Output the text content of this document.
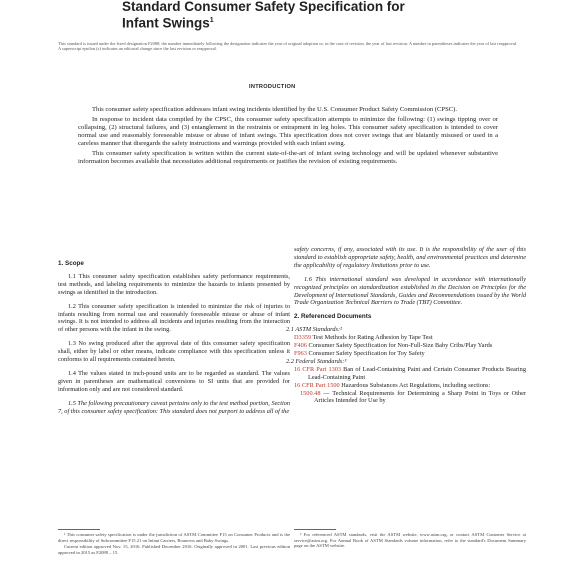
Standard Consumer Safety Specification for
Infant Swings$^1$
This standard is issued under the fixed designation F2088; the number immediately following the designation indicates the year of original adoption or, in the case of revision, the year of last revision. A number in parentheses indicates the year of last reapproval. A superscript epsilon (ε) indicates an editorial change since the last revision or reapproval.
INTRODUCTION

This consumer safety specification addresses infant swing incidents identified by the U.S. Consumer Product Safety Commission (CPSC).

In response to incident data compiled by the CPSC, this consumer safety specification attempts to minimize the following: (1) swings tipping over or collapsing, (2) structural failures, and (3) entanglement in the restraints or entrapment in leg holes. This consumer safety specification is intended to cover normal use and reasonably foreseeable misuse or abuse of infant swings. This specification does not cover swings that are blatantly misused or used in a careless manner that disregards the safety instructions and warnings provided with each infant swing.

This consumer safety specification is written within the current state-of-the-art of infant swing technology and will be updated whenever substantive information becomes available that necessitates additional requirements or justifies the revision of existing requirements.

1. Scope

1.1 This consumer safety specification establishes safety performance requirements, test methods, and labeling requirements to minimize the hazards to infants presented by swings as identified in the introduction.

1.2 This consumer safety specification is intended to minimize the risk of injuries to infants resulting from normal use and reasonably foreseeable misuse or abuse of infant swings. It is not intended to address all incidents and injuries resulting from the interaction of other persons with the infant in the swing.

1.3 No swing produced after the approval date of this consumer safety specification shall, either by label or other means, indicate compliance with this specification unless it conforms to all requirements contained herein.

1.4 The values stated in inch-pound units are to be regarded as standard. The values given in parentheses are mathematical conversions to SI units that are provided for information only and are not considered standard.

1.5 The following precautionary caveat pertains only to the test method portion, Section 7, of this consumer safety specification: This standard does not purport to address all of the

safety concerns, if any, associated with its use. It is the responsibility of the user of this standard to establish appropriate safety, health, and environmental practices and determine the applicability of regulatory limitations prior to use.

1.6 This international standard was developed in accordance with internationally recognized principles on standardization established in the Decision on Principles for the Development of International Standards, Guides and Recommendations issued by the World Trade Organization Technical Barriers to Trade (TBT) Committee.

2. Referenced Documents

2.1 ASTM Standards:²
D3359 Test Methods for Rating Adhesion by Tape Test
F406 Consumer Safety Specification for Non-Full-Size Baby Cribs/Play Yards
F963 Consumer Safety Specification for Toy Safety
2.2 Federal Standards:³
16 CFR Part 1303 Ban of Lead-Containing Paint and Certain Consumer Products Bearing Lead-Containing Paint
16 CFR Part 1500 Hazardous Substances Act Regulations, including sections:
1500.48 — Technical Requirements for Determining a Sharp Point in Toys or Other Articles Intended for Use by

¹ This consumer safety specification is under the jurisdiction of ASTM Committee F15 on Consumer Products and is the direct responsibility of Subcommittee F15.21 on Infant Carriers, Bouncers and Baby Swings.

Current edition approved Nov. 15, 2016. Published December 2016. Originally approved in 2001. Last previous edition approved in 2015 as F2088 – 15.

² For referenced ASTM standards, visit the ASTM website, www.astm.org, or contact ASTM Customer Service at service@astm.org. For Annual Book of ASTM Standards volume information, refer to the standard's Document Summary page on the ASTM website.
